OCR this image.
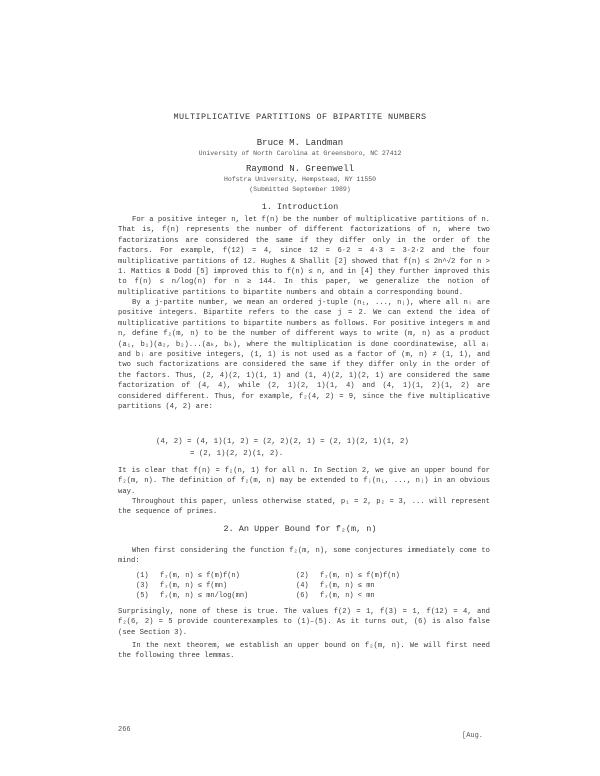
MULTIPLICATIVE PARTITIONS OF BIPARTITE NUMBERS
Bruce M. Landman
University of North Carolina at Greensboro, NC 27412
Raymond N. Greenwell
Hofstra University, Hempstead, NY 11550
(Submitted September 1989)
1. Introduction

For a positive integer n, let f(n) be the number of multiplicative partitions of n. That is, f(n) represents the number of different factorizations of n, where two factorizations are considered the same if they differ only in the order of the factors. For example, f(12) = 4, since 12 = 6·2 = 4·3 = 3·2·2 and the four multiplicative partitions of 12. Hughes & Shallit [2] showed that f(n) ≤ 2n^√2 for n > 1. Mattics & Dodd [5] improved this to f(n) ≤ n, and in [4] they further improved this to f(n) ≤ n/log(n) for n ≥ 144. In this paper, we generalize the notion of multiplicative partitions to bipartite numbers and obtain a corresponding bound.

By a j-partite number, we mean an ordered j-tuple (n₁, ..., nⱼ), where all nᵢ are positive integers. Bipartite refers to the case j = 2. We can extend the idea of multiplicative partitions to bipartite numbers as follows. For positive integers m and n, define f₂(m, n) to be the number of different ways to write (m, n) as a product (a₁, b₁)(a₂, b₂)...(aₖ, bₖ), where the multiplication is done coordinatewise, all aᵢ and bᵢ are positive integers, (1, 1) is not used as a factor of (m, n) ≠ (1, 1), and two such factorizations are considered the same if they differ only in the order of the factors. Thus, (2, 4)(2, 1)(1, 1) and (1, 4)(2, 1)(2, 1) are considered the same factorization of (4, 4), while (2, 1)(2, 1)(1, 4) and (4, 1)(1, 2)(1, 2) are considered different. Thus, for example, f₂(4, 2) = 9, since the five multiplicative partitions (4, 2) are:

(4, 2) = (4, 1)(1, 2) = (2, 2)(2, 1) = (2, 1)(2, 1)(1, 2)
= (2, 1)(2, 2)(1, 2).

It is clear that f(n) = f₂(n, 1) for all n. In Section 2, we give an upper bound for f₂(m, n). The definition of f₂(m, n) may be extended to fⱼ(n₁, ..., nⱼ) in an obvious way.

Throughout this paper, unless otherwise stated, p₁ = 2, p₂ = 3, ... will represent the sequence of primes.

2. An Upper Bound for f₂(m, n)

When first considering the function f₂(m, n), some conjectures immediately come to mind:

(1)	f₂(m, n) ≤ f(m)f(n)	(2)	f₂(m, n) ≤ f(m)f(n)
(3)	f₂(m, n) ≤ f(mn)	(4)	f₂(m, n) ≤ mn
(5)	f₂(m, n) ≤ mn/log(mn)	(6)	f₂(m, n) < mn

Surprisingly, none of these is true. The values f(2) = 1, f(3) = 1, f(12) = 4, and f₂(6, 2) = 5 provide counterexamples to (1)–(5). As it turns out, (6) is also false (see Section 3).

In the next theorem, we establish an upper bound on f₂(m, n). We will first need the following three lemmas.

266
[Aug.
